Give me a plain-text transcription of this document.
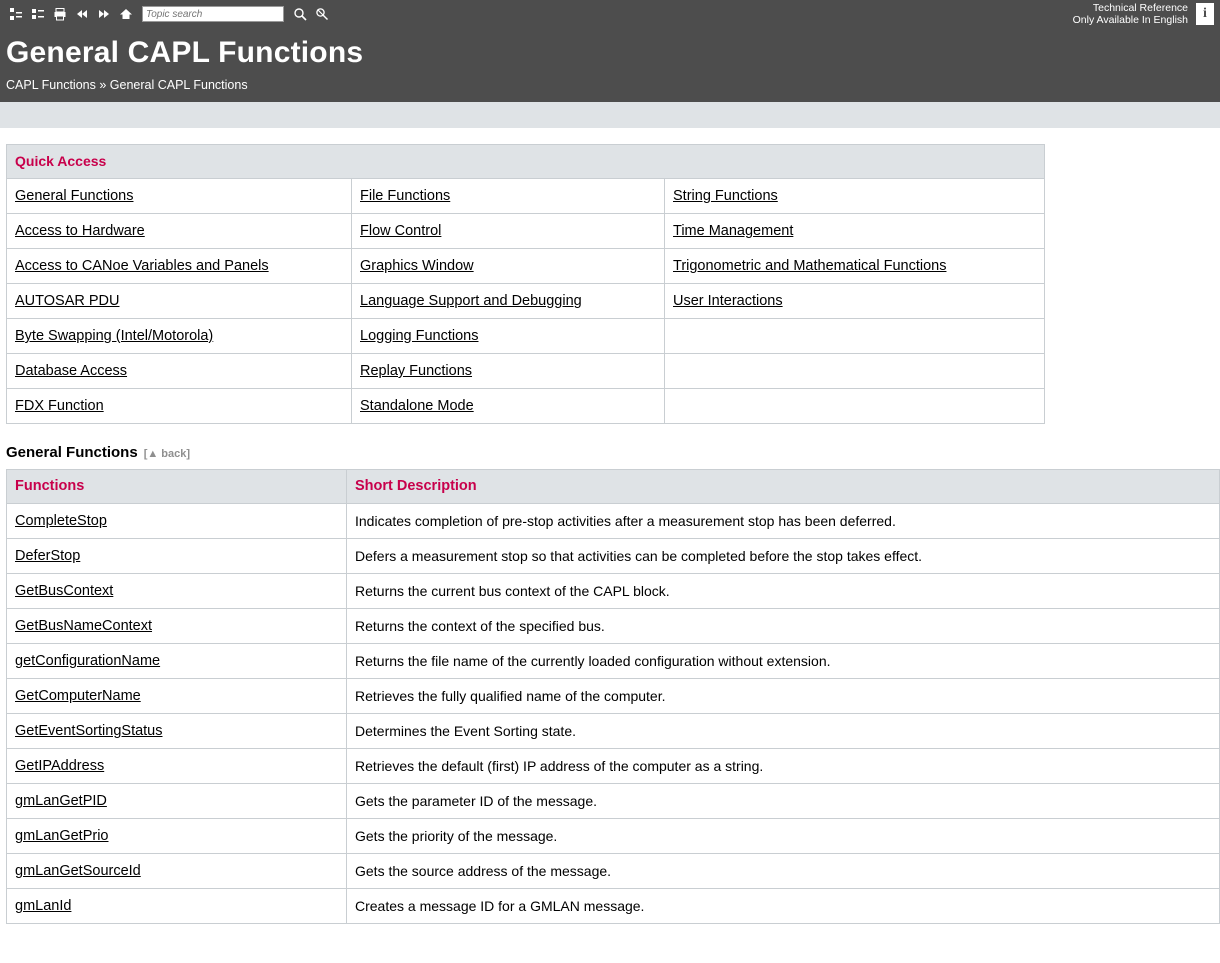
Topic search
Technical Reference
Only Available In English	i
General CAPL Functions
CAPL Functions » General CAPL Functions
Quick Access		
General Functions	File Functions	String Functions
Access to Hardware	Flow Control	Time Management
Access to CANoe Variables and Panels	Graphics Window	Trigonometric and Mathematical Functions
AUTOSAR PDU	Language Support and Debugging	User Interactions
Byte Swapping (Intel/Motorola)	Logging Functions	
Database Access	Replay Functions	
FDX Function	Standalone Mode	
General Functions [▲ back]
Functions	Short Description
CompleteStop	Indicates completion of pre-stop activities after a measurement stop has been deferred.
DeferStop	Defers a measurement stop so that activities can be completed before the stop takes effect.
GetBusContext	Returns the current bus context of the CAPL block.
GetBusNameContext	Returns the context of the specified bus.
getConfigurationName	Returns the file name of the currently loaded configuration without extension.
GetComputerName	Retrieves the fully qualified name of the computer.
GetEventSortingStatus	Determines the Event Sorting state.
GetIPAddress	Retrieves the default (first) IP address of the computer as a string.
gmLanGetPID	Gets the parameter ID of the message.
gmLanGetPrio	Gets the priority of the message.
gmLanGetSourceId	Gets the source address of the message.
gmLanId	Creates a message ID for a GMLAN message.
